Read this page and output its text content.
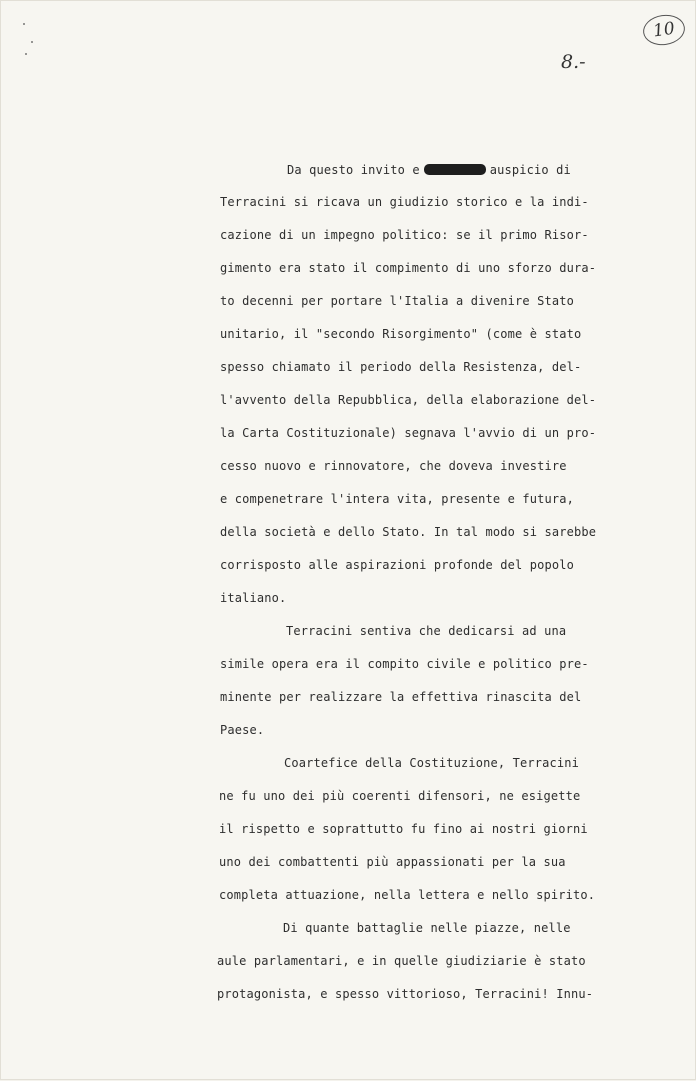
10
8.-
Da questo invito e	auspicio di
Terracini si ricava un giudizio storico e la indi-
cazione di un impegno politico: se il primo Risor-
gimento era stato il compimento di uno sforzo dura-
to decenni per portare l'Italia a divenire Stato
unitario, il "secondo Risorgimento" (come è stato
spesso chiamato il periodo della Resistenza, del-
l'avvento della Repubblica, della elaborazione del-
la Carta Costituzionale) segnava l'avvio di un pro-
cesso nuovo e rinnovatore, che doveva investire
e compenetrare l'intera vita, presente e futura,
della società e dello Stato. In tal modo si sarebbe
corrisposto alle aspirazioni profonde del popolo
italiano.
Terracini sentiva che dedicarsi ad una
simile opera era il compito civile e politico pre-
minente per realizzare la effettiva rinascita del
Paese.
Coartefice della Costituzione, Terracini
ne fu uno dei più coerenti difensori, ne esigette
il rispetto e soprattutto fu fino ai nostri giorni
uno dei combattenti più appassionati per la sua
completa attuazione, nella lettera e nello spirito.
Di quante battaglie nelle piazze, nelle
aule parlamentari, e in quelle giudiziarie è stato
protagonista, e spesso vittorioso, Terracini! Innu-
